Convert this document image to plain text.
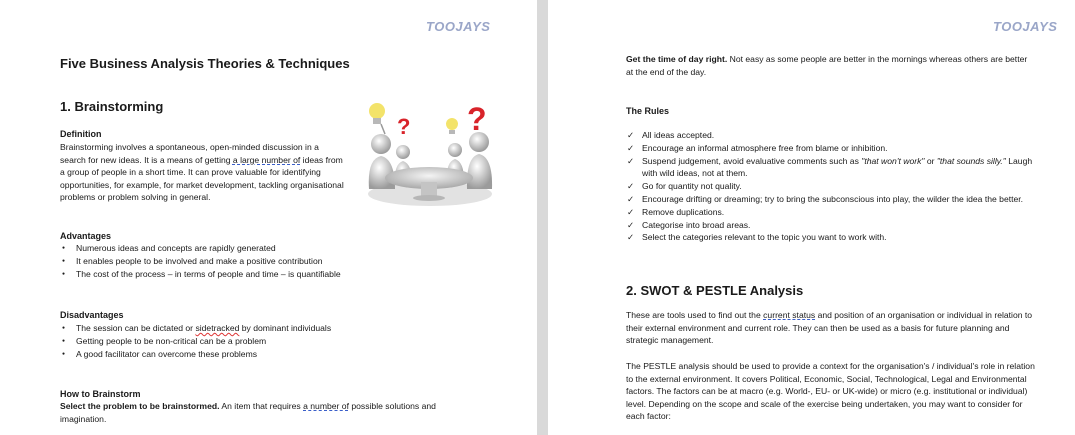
TOOJAYS
Five Business Analysis Theories & Techniques
1. Brainstorming
Definition
Brainstorming involves a spontaneous, open-minded discussion in a search for new ideas. It is a means of getting a large number of ideas from a group of people in a short time. It can prove valuable for identifying opportunities, for example, for market development, tackling organisational problems or problem solving in general.
? ?
Advantages
● Numerous ideas and concepts are rapidly generated
● It enables people to be involved and make a positive contribution
● The cost of the process – in terms of people and time – is quantifiable
Disadvantages
● The session can be dictated or sidetracked by dominant individuals
● Getting people to be non-critical can be a problem
● A good facilitator can overcome these problems
How to Brainstorm
Select the problem to be brainstormed. An item that requires a number of possible solutions and imagination.
TOOJAYS
Get the time of day right. Not easy as some people are better in the mornings whereas others are better at the end of the day.
The Rules
✓ All ideas accepted.
✓ Encourage an informal atmosphere free from blame or inhibition.
✓ Suspend judgement, avoid evaluative comments such as "that won't work" or "that sounds silly." Laugh with wild ideas, not at them.
✓ Go for quantity not quality.
✓ Encourage drifting or dreaming; try to bring the subconscious into play, the wilder the idea the better.
✓ Remove duplications.
✓ Categorise into broad areas.
✓ Select the categories relevant to the topic you want to work with.
2. SWOT & PESTLE Analysis
These are tools used to find out the current status and position of an organisation or individual in relation to their external environment and current role. They can then be used as a basis for future planning and strategic management.
The PESTLE analysis should be used to provide a context for the organisation's / individual's role in relation to the external environment. It covers Political, Economic, Social, Technological, Legal and Environmental factors. The factors can be at macro (e.g. World-, EU- or UK-wide) or micro (e.g. institutional or individual) level. Depending on the scope and scale of the exercise being undertaken, you may want to consider for each factor:
